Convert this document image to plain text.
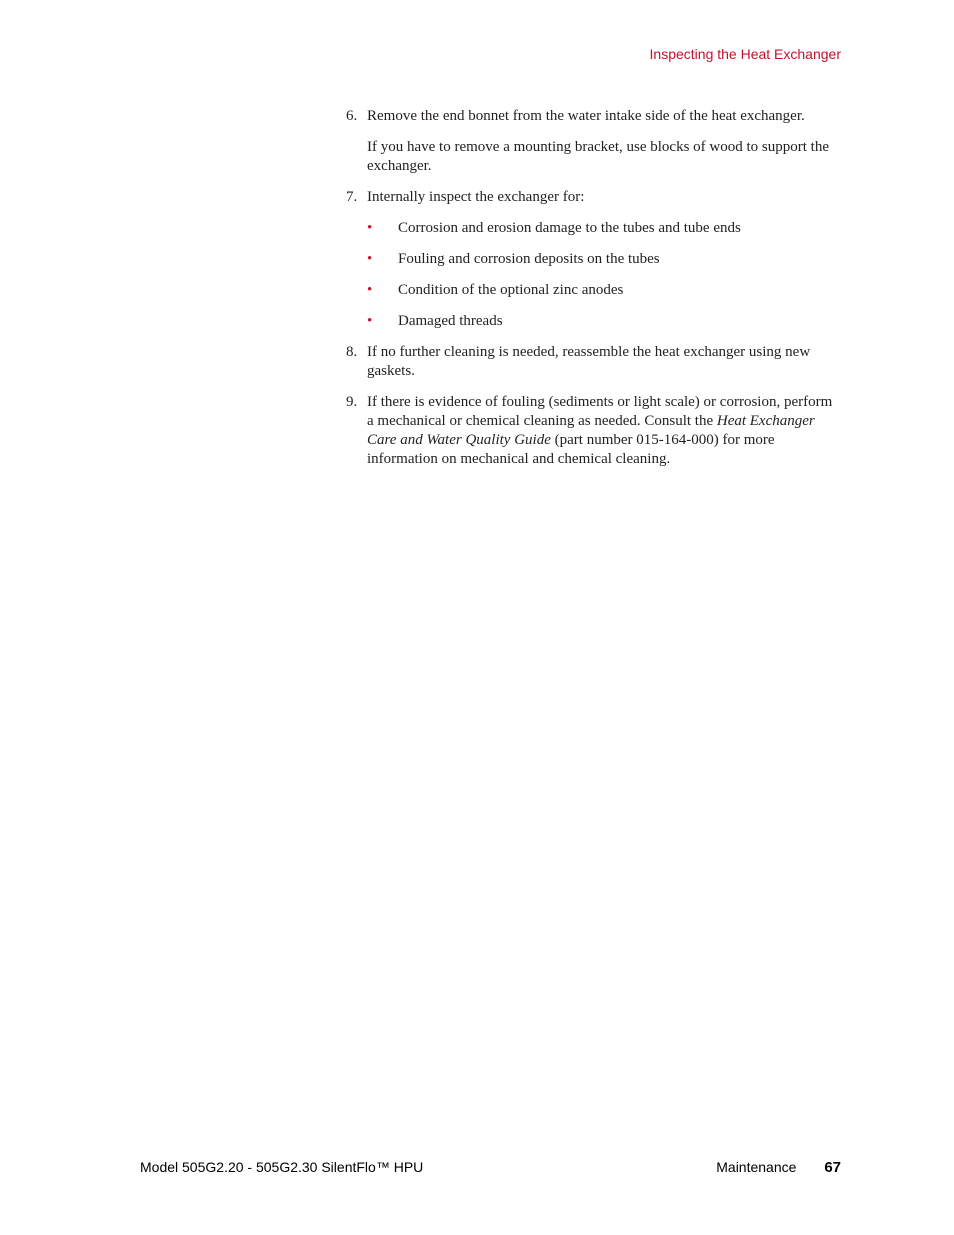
Inspecting the Heat Exchanger
6. Remove the end bonnet from the water intake side of the heat exchanger.

If you have to remove a mounting bracket, use blocks of wood to support the exchanger.

7. Internally inspect the exchanger for:
• Corrosion and erosion damage to the tubes and tube ends
• Fouling and corrosion deposits on the tubes
• Condition of the optional zinc anodes
• Damaged threads
8. If no further cleaning is needed, reassemble the heat exchanger using new gaskets.
9. If there is evidence of fouling (sediments or light scale) or corrosion, perform a mechanical or chemical cleaning as needed. Consult the Heat Exchanger Care and Water Quality Guide (part number 015-164-000) for more information on mechanical and chemical cleaning.
Model 505G2.20 - 505G2.30 SilentFlo™ HPU	Maintenance 67
